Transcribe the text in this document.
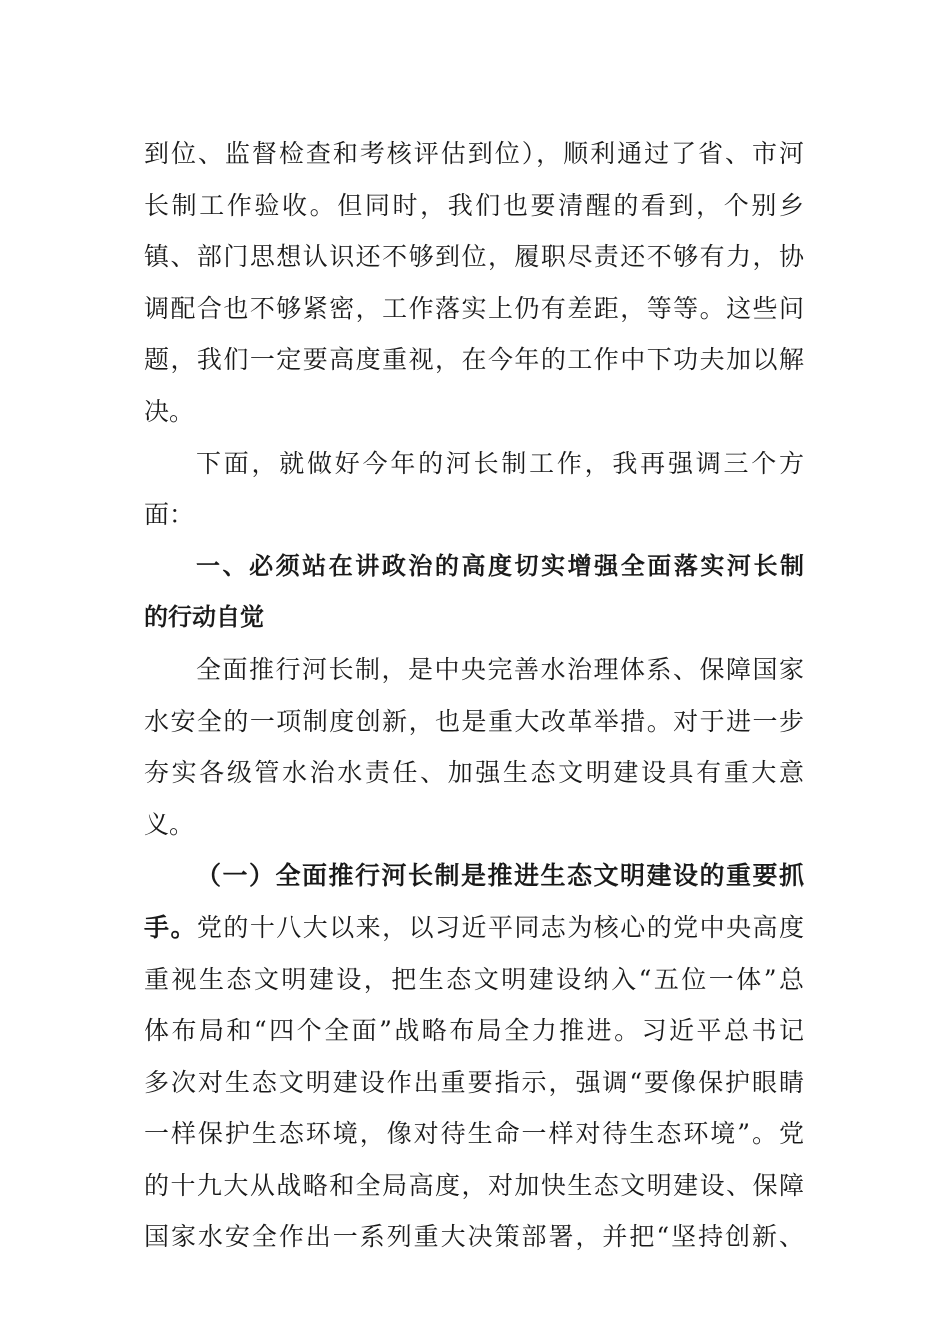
到位、监督检查和考核评估到位），顺利通过了省、市河
长制工作验收。但同时，我们也要清醒的看到，个别乡
镇、部门思想认识还不够到位，履职尽责还不够有力，协
调配合也不够紧密，工作落实上仍有差距，等等。这些问
题，我们一定要高度重视，在今年的工作中下功夫加以解
决。
下面，就做好今年的河长制工作，我再强调三个方
面：
一、必须站在讲政治的高度切实增强全面落实河长制
的行动自觉
全面推行河长制，是中央完善水治理体系、保障国家
水安全的一项制度创新，也是重大改革举措。对于进一步
夯实各级管水治水责任、加强生态文明建设具有重大意
义。
（一）全面推行河长制是推进生态文明建设的重要抓
手。党的十八大以来，以习近平同志为核心的党中央高度
重视生态文明建设，把生态文明建设纳入“五位一体”总
体布局和“四个全面”战略布局全力推进。习近平总书记
多次对生态文明建设作出重要指示，强调“要像保护眼睛
一样保护生态环境，像对待生命一样对待生态环境”。党
的十九大从战略和全局高度，对加快生态文明建设、保障
国家水安全作出一系列重大决策部署，并把“坚持创新、
